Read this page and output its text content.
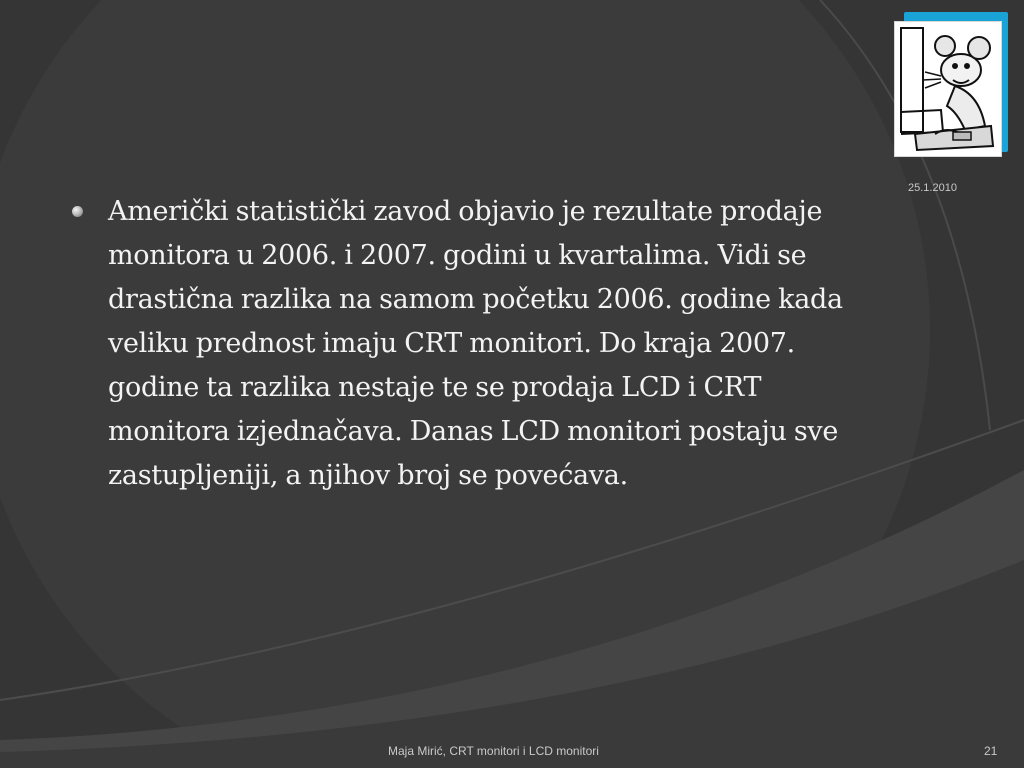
25.1.2010

Američki statistički zavod objavio je rezultate prodaje monitora u 2006. i 2007. godini u kvartalima. Vidi se drastična razlika na samom početku 2006. godine kada veliku prednost imaju CRT monitori. Do kraja 2007. godine ta razlika nestaje te se prodaja LCD i CRT monitora izjednačava. Danas LCD monitori postaju sve zastupljeniji, a njihov broj se povećava.

Maja Mirić, CRT monitori i LCD monitori	21
